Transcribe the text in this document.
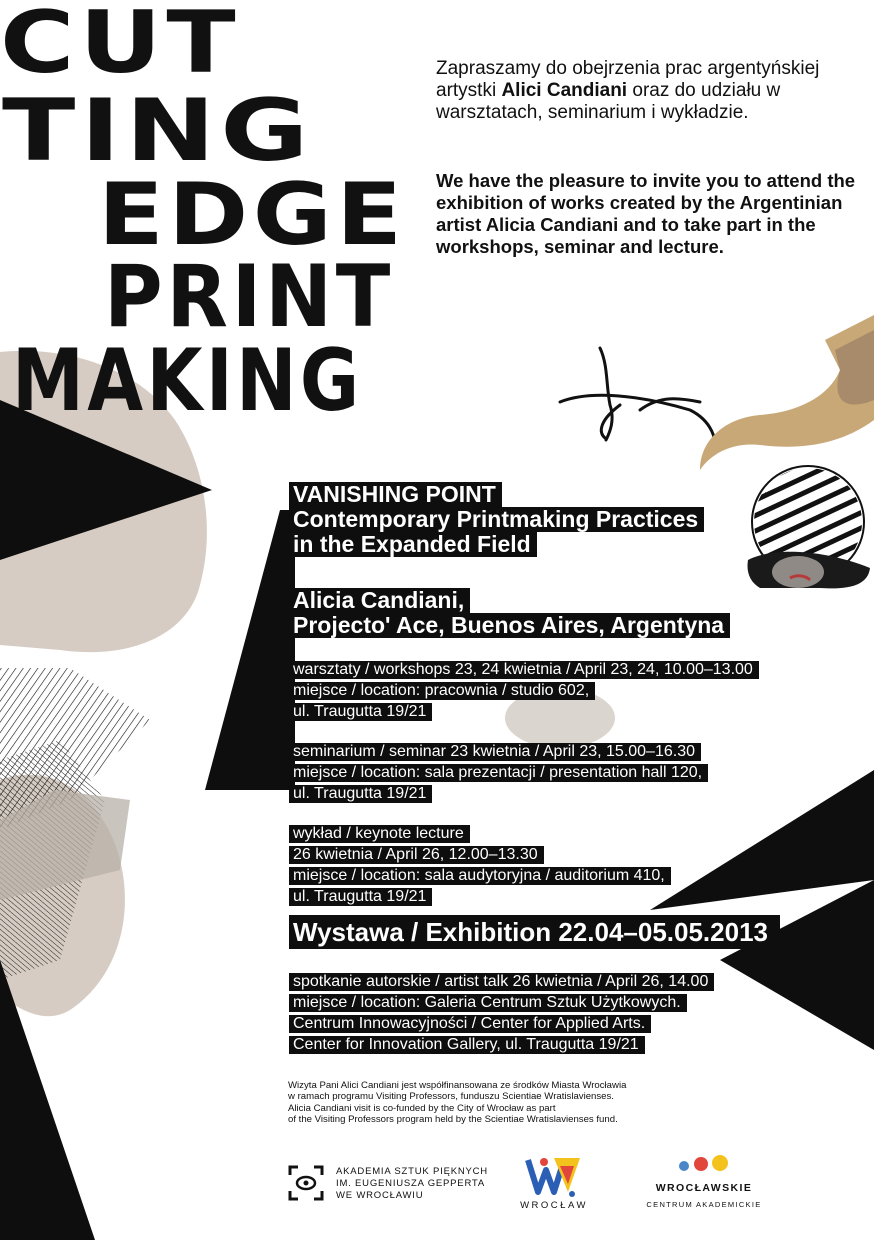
CUT
TING
EDGE
PRINT
MAKING

Zapraszamy do obejrzenia prac argentyńskiej artystki Alici Candiani oraz do udziału w warsztatach, seminarium i wykładzie.

We have the pleasure to invite you to attend the exhibition of works created by the Argentinian artist Alicia Candiani and to take part in the workshops, seminar and lecture.

VANISHING POINT
Contemporary Printmaking Practices
in the Expanded Field
Alicia Candiani,
Projecto' Ace, Buenos Aires, Argentyna
warsztaty / workshops 23, 24 kwietnia / April 23, 24, 10.00–13.00
miejsce / location: pracownia / studio 602,
ul. Traugutta 19/21
seminarium / seminar 23 kwietnia / April 23, 15.00–16.30
miejsce / location: sala prezentacji / presentation hall 120,
ul. Traugutta 19/21
wykład / keynote lecture
26 kwietnia / April 26, 12.00–13.30
miejsce / location: sala audytoryjna / auditorium 410,
ul. Traugutta 19/21
Wystawa / Exhibition 22.04–05.05.2013
spotkanie autorskie / artist talk 26 kwietnia / April 26, 14.00
miejsce / location: Galeria Centrum Sztuk Użytkowych.
Centrum Innowacyjności / Center for Applied Arts.
Center for Innovation Gallery, ul. Traugutta 19/21

Wizyta Pani Alici Candiani jest współfinansowana ze środków Miasta Wrocławia
w ramach programu Visiting Professors, funduszu Scientiae Wratislavienses.
Alicia Candiani visit is co-funded by the City of Wrocław as part
of the Visiting Professors program held by the Scientiae Wratislavienses fund.

AKADEMIA SZTUK PIĘKNYCH
IM. EUGENIUSZA GEPPERTA
WE WROCŁAWIU

WROCŁAW
WROCŁAWSKIE
CENTRUM AKADEMICKIE
